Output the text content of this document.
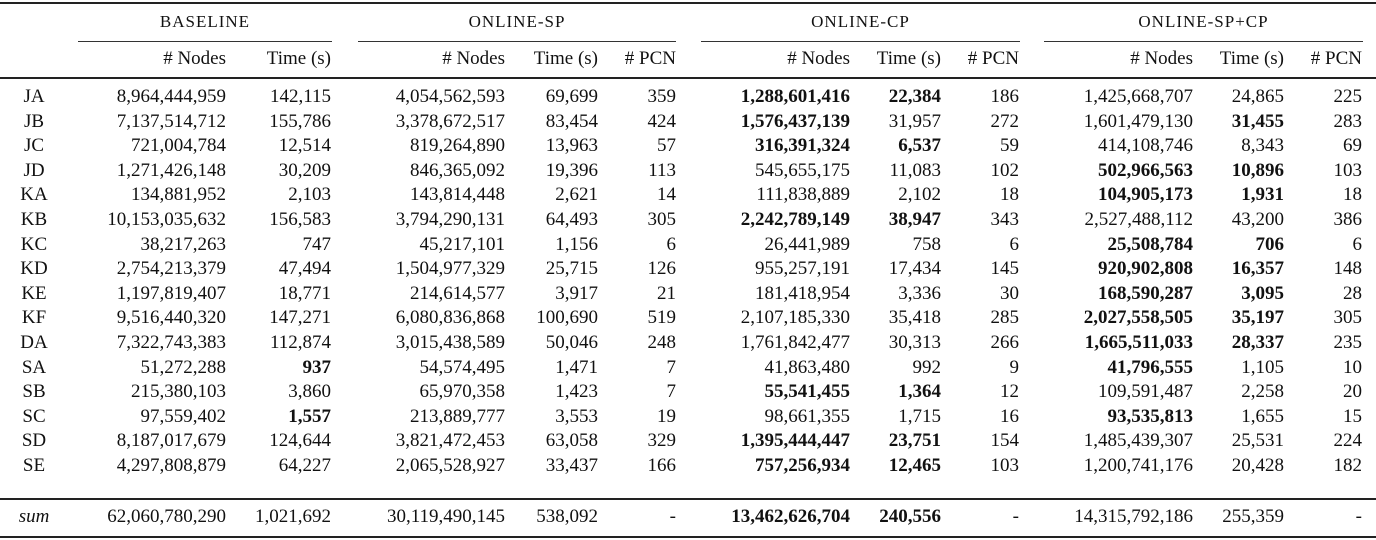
BASELINE	ONLINE-SP	ONLINE-CP	ONLINE-SP+CP
# Nodes	Time (s)	# Nodes	Time (s)	# PCN	# Nodes	Time (s)	# PCN	# Nodes	Time (s)	# PCN
JA	8,964,444,959	142,115	4,054,562,593	69,699	359	1,288,601,416	22,384	186	1,425,668,707	24,865	225
JB	7,137,514,712	155,786	3,378,672,517	83,454	424	1,576,437,139	31,957	272	1,601,479,130	31,455	283
JC	721,004,784	12,514	819,264,890	13,963	57	316,391,324	6,537	59	414,108,746	8,343	69
JD	1,271,426,148	30,209	846,365,092	19,396	113	545,655,175	11,083	102	502,966,563	10,896	103
KA	134,881,952	2,103	143,814,448	2,621	14	111,838,889	2,102	18	104,905,173	1,931	18
KB	10,153,035,632	156,583	3,794,290,131	64,493	305	2,242,789,149	38,947	343	2,527,488,112	43,200	386
KC	38,217,263	747	45,217,101	1,156	6	26,441,989	758	6	25,508,784	706	6
KD	2,754,213,379	47,494	1,504,977,329	25,715	126	955,257,191	17,434	145	920,902,808	16,357	148
KE	1,197,819,407	18,771	214,614,577	3,917	21	181,418,954	3,336	30	168,590,287	3,095	28
KF	9,516,440,320	147,271	6,080,836,868	100,690	519	2,107,185,330	35,418	285	2,027,558,505	35,197	305
DA	7,322,743,383	112,874	3,015,438,589	50,046	248	1,761,842,477	30,313	266	1,665,511,033	28,337	235
SA	51,272,288	937	54,574,495	1,471	7	41,863,480	992	9	41,796,555	1,105	10
SB	215,380,103	3,860	65,970,358	1,423	7	55,541,455	1,364	12	109,591,487	2,258	20
SC	97,559,402	1,557	213,889,777	3,553	19	98,661,355	1,715	16	93,535,813	1,655	15
SD	8,187,017,679	124,644	3,821,472,453	63,058	329	1,395,444,447	23,751	154	1,485,439,307	25,531	224
SE	4,297,808,879	64,227	2,065,528,927	33,437	166	757,256,934	12,465	103	1,200,741,176	20,428	182
sum	62,060,780,290	1,021,692	30,119,490,145	538,092	-	13,462,626,704	240,556	-	14,315,792,186	255,359	-
